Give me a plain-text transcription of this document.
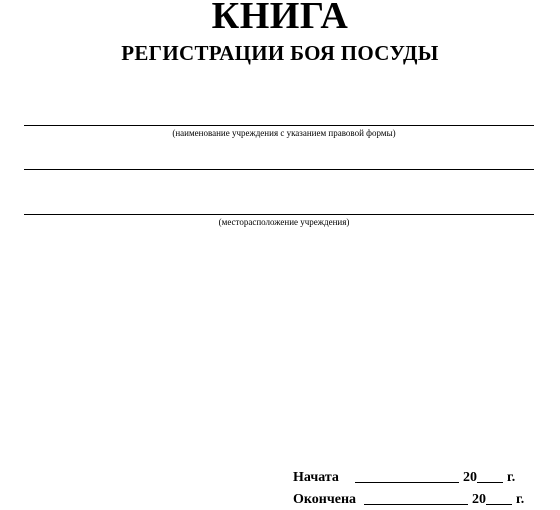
КНИГА
РЕГИСТРАЦИИ БОЯ ПОСУДЫ
(наименование учреждения с указанием правовой формы)
(месторасположение учреждения)
Начата	20 г.
Окончена	20 г.
